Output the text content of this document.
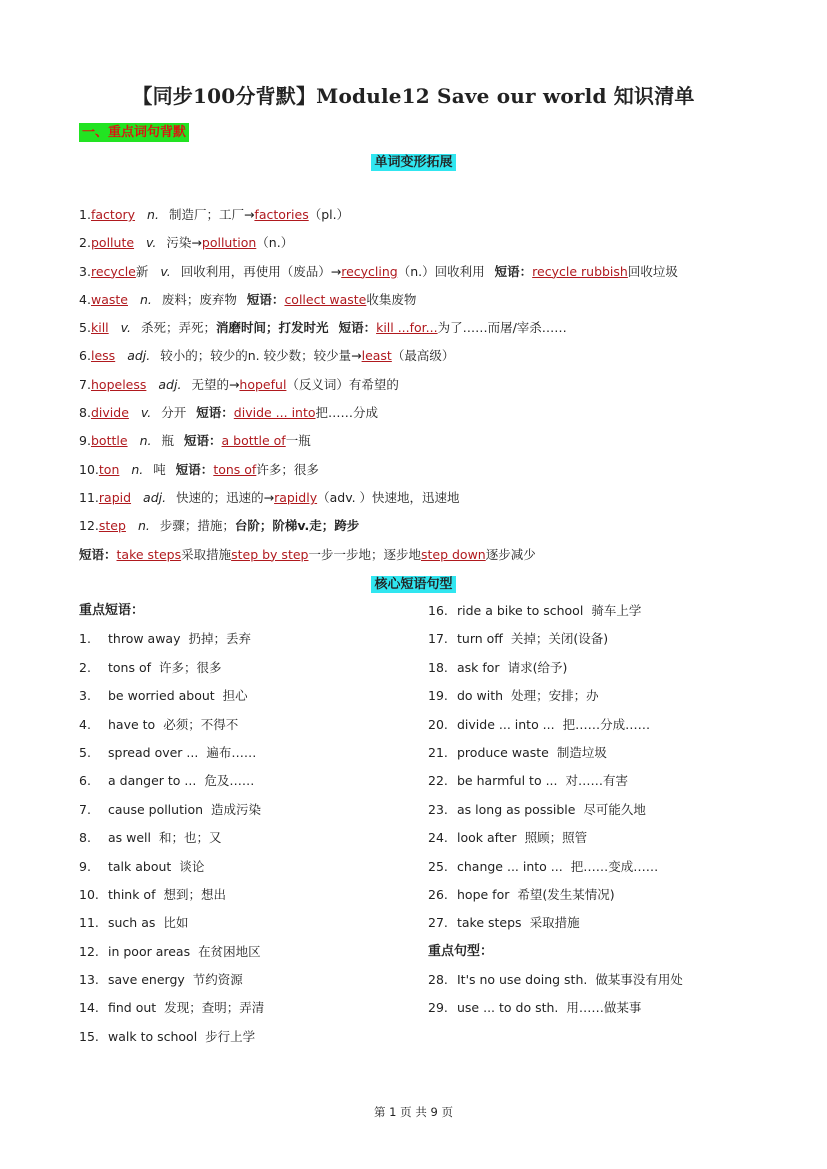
【同步100分背默】Module12 Save our world 知识清单
一、重点词句背默
单词变形拓展
1.factory n. 制造厂；工厂→factories（pl.）
2.pollute v. 污染→pollution（n.）
3.recycle新 v. 回收利用，再使用（废品）→recycling（n.）回收利用 短语：recycle rubbish回收垃圾
4.waste n. 废料；废弃物 短语：collect waste收集废物
5.kill v. 杀死；弄死；消磨时间；打发时光 短语：kill ...for...为了……而屠/宰杀……
6.less adj. 较小的；较少的n. 较少数；较少量→least（最高级）
7.hopeless adj. 无望的→hopeful（反义词）有希望的
8.divide v. 分开 短语：divide ... into把……分成
9.bottle n. 瓶 短语：a bottle of一瓶
10.ton n. 吨 短语：tons of许多；很多
11.rapid adj. 快速的；迅速的→rapidly（adv. ）快速地，迅速地
12.step n. 步骤；措施；台阶；阶梯v.走；跨步
短语：take steps采取措施step by step一步一步地；逐步地step down逐步减少
核心短语句型
重点短语：
1. throw away 扔掉；丢弃
2. tons of 许多；很多
3. be worried about 担心
4. have to 必须；不得不
5. spread over ... 遍布……
6. a danger to ... 危及……
7. cause pollution 造成污染
8. as well 和；也；又
9. talk about 谈论
10. think of 想到；想出
11. such as 比如
12. in poor areas 在贫困地区
13. save energy 节约资源
14. find out 发现；查明；弄清
15. walk to school 步行上学
16. ride a bike to school 骑车上学
17. turn off 关掉；关闭(设备)
18. ask for 请求(给予)
19. do with 处理；安排；办
20. divide ... into ... 把……分成……
21. produce waste 制造垃圾
22. be harmful to ... 对……有害
23. as long as possible 尽可能久地
24. look after 照顾；照管
25. change ... into ... 把……变成……
26. hope for 希望(发生某情况)
27. take steps 采取措施
重点句型：
28. It's no use doing sth. 做某事没有用处
29. use ... to do sth. 用……做某事
第 1 页 共 9 页
